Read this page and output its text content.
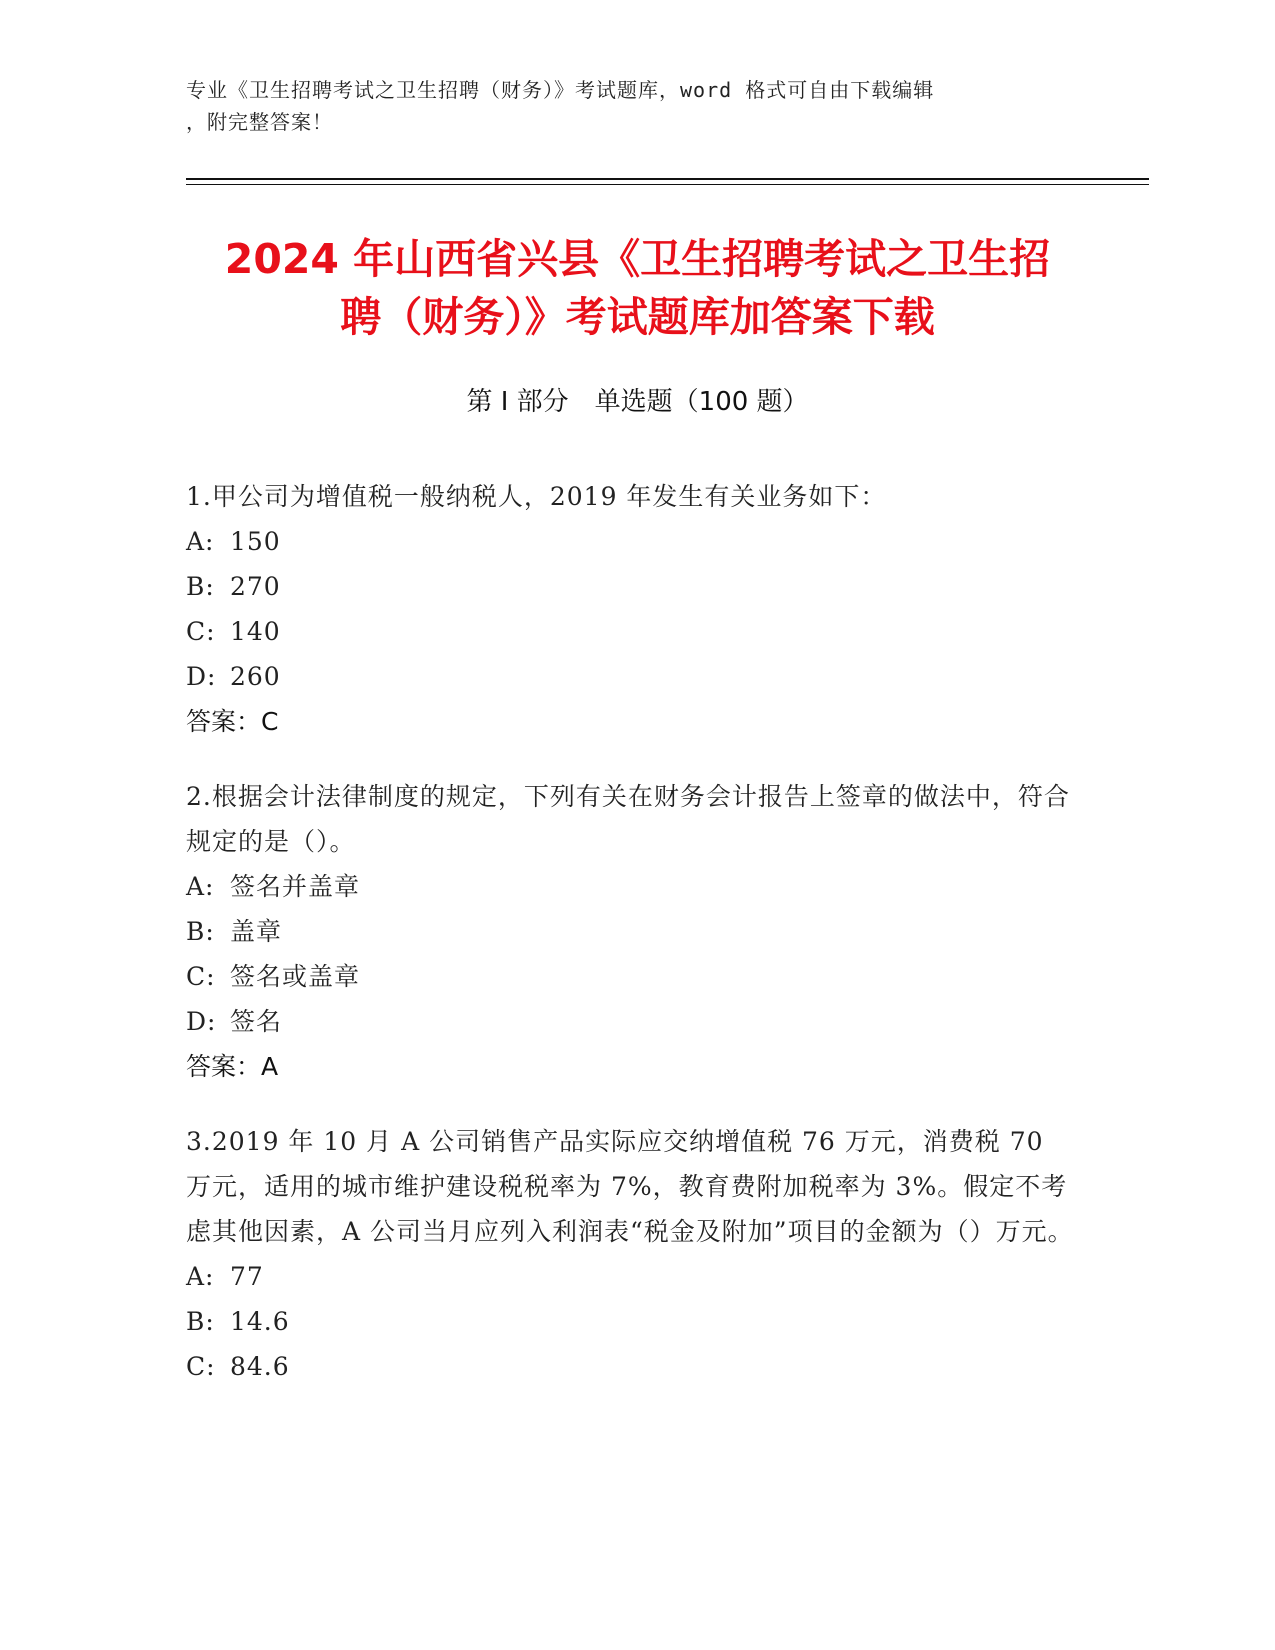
专业《卫生招聘考试之卫生招聘（财务）》考试题库，word 格式可自由下载编辑
，附完整答案！
2024 年山西省兴县《卫生招聘考试之卫生招
聘（财务）》考试题库加答案下载
第 I 部分　单选题（100 题）
1.甲公司为增值税一般纳税人，2019 年发生有关业务如下：
A: 150
B: 270
C: 140
D: 260
答案：C
2.根据会计法律制度的规定，下列有关在财务会计报告上签章的做法中，符合规定的是（）。
A: 签名并盖章
B: 盖章
C: 签名或盖章
D: 签名
答案：A
3.2019 年 10 月 A 公司销售产品实际应交纳增值税 76 万元，消费税 70 万元，适用的城市维护建设税税率为 7%，教育费附加税率为 3%。假定不考虑其他因素，A 公司当月应列入利润表“税金及附加”项目的金额为（）万元。
A: 77
B: 14.6
C: 84.6
